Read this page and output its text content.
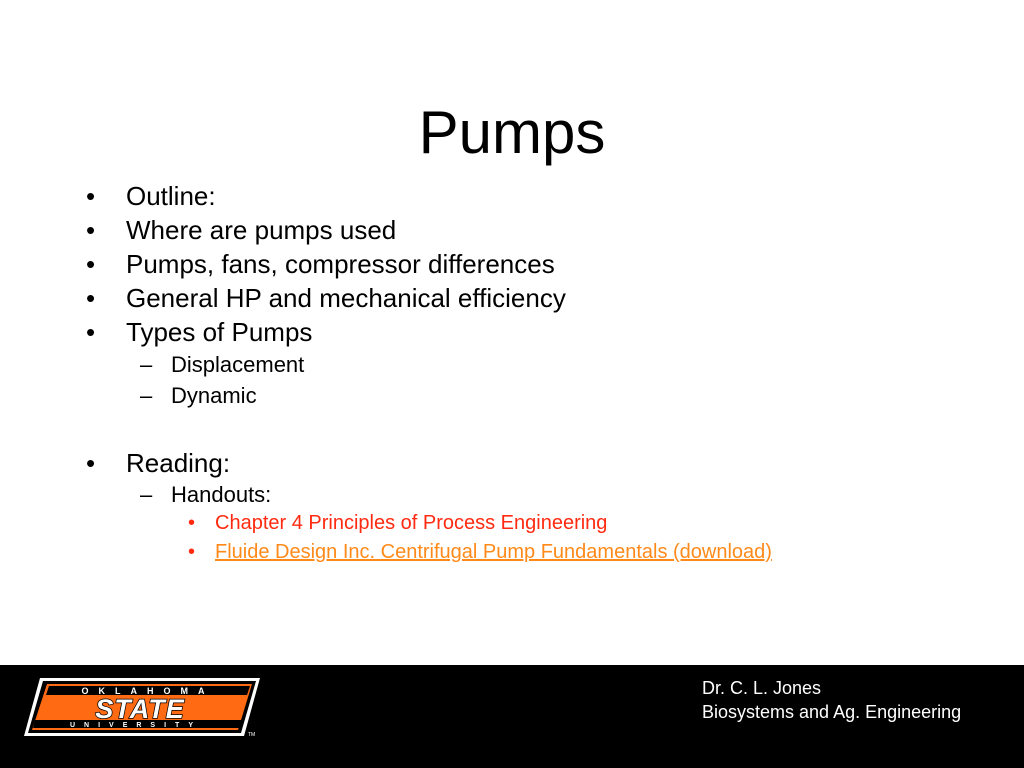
Pumps
• Outline:
• Where are pumps used
• Pumps, fans, compressor differences
• General HP and mechanical efficiency
• Types of Pumps
– Displacement
– Dynamic
• Reading:
– Handouts:
• Chapter 4 Principles of Process Engineering
• Fluide Design Inc. Centrifugal Pump Fundamentals (download)
OKLAHOMA
STATE
UNIVERSITY
TM
Dr. C. L. Jones
Biosystems and Ag. Engineering
